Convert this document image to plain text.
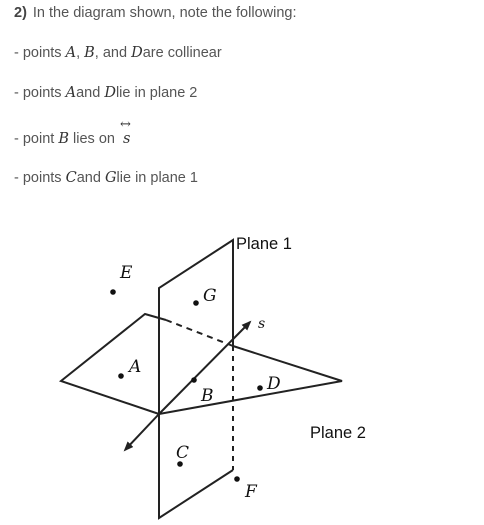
2) In the diagram shown, note the following:
- points A, B, and Dare collinear
- points Aand Dlie in plane 2
- point B lies on
↔
s
- points Cand Glie in plane 1
Plane 1
Plane 2
s
E
G
A
B
D
C
F
